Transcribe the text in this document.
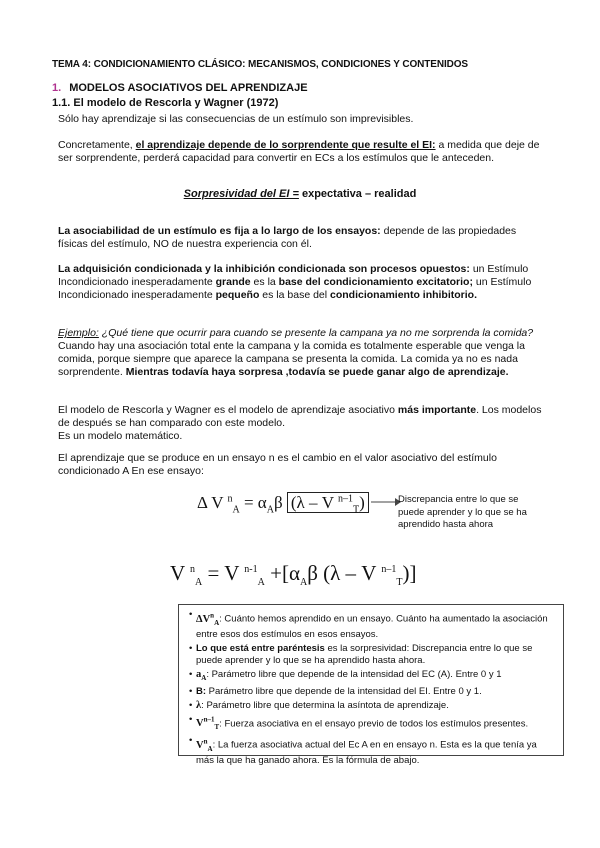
TEMA 4: CONDICIONAMIENTO CLÁSICO: MECANISMOS, CONDICIONES Y CONTENIDOS

1. MODELOS ASOCIATIVOS DEL APRENDIZAJE

1.1. El modelo de Rescorla y Wagner (1972)

Sólo hay aprendizaje si las consecuencias de un estímulo son imprevisibles.

Concretamente, el aprendizaje depende de lo sorprendente que resulte el EI: a medida que deje de ser sorprendente, perderá capacidad para convertir en ECs a los estímulos que le anteceden.

Sorpresividad del EI = expectativa – realidad

La asociabilidad de un estímulo es fija a lo largo de los ensayos: depende de las propiedades físicas del estímulo, NO de nuestra experiencia con él.

La adquisición condicionada y la inhibición condicionada son procesos opuestos: un Estímulo Incondicionado inesperadamente grande es la base del condicionamiento excitatorio; un Estímulo Incondicionado inesperadamente pequeño es la base del condicionamiento inhibitorio.

Ejemplo: ¿Qué tiene que ocurrir para cuando se presente la campana ya no me sorprenda la comida? Cuando hay una asociación total ente la campana y la comida es totalmente esperable que venga la comida, porque siempre que aparece la campana se presenta la comida. La comida ya no es nada sorprendente. Mientras todavía haya sorpresa ,todavía se puede ganar algo de aprendizaje.

El modelo de Rescorla y Wagner es el modelo de aprendizaje asociativo más importante. Los modelos de después se han comparado con este modelo.
Es un modelo matemático.

El aprendizaje que se produce en un ensayo n es el cambio en el valor asociativo del estímulo condicionado A En ese ensayo:

Δ V $^n_A = \alpha_A\beta$ (λ – V $^{n-1}_T$)	Discrepancia entre lo que se puede aprender y lo que se ha aprendido hasta ahora

V $^n_A$ = V $^{n-1}_A +[\alpha_A\beta$ (λ – V $^{n-1}_T$)]
• $\Delta V^n_A$: Cuánto hemos aprendido en un ensayo. Cuánto ha aumentado la asociación entre esos dos estímulos en esos ensayos.
• Lo que está entre paréntesis es la sorpresividad: Discrepancia entre lo que se puede aprender y lo que se ha aprendido hasta ahora.
• $a_A$: Parámetro libre que depende de la intensidad del EC (A). Entre 0 y 1
• B: Parámetro libre que depende de la intensidad del EI. Entre 0 y 1.
• λ: Parámetro libre que determina la asíntota de aprendizaje.
• $V^{n-1}_T$: Fuerza asociativa en el ensayo previo de todos los estímulos presentes.
• $V^n_A$: La fuerza asociativa actual del Ec A en en ensayo n. Esta es la que tenía ya más la que ha ganado ahora. Es la fórmula de abajo.
